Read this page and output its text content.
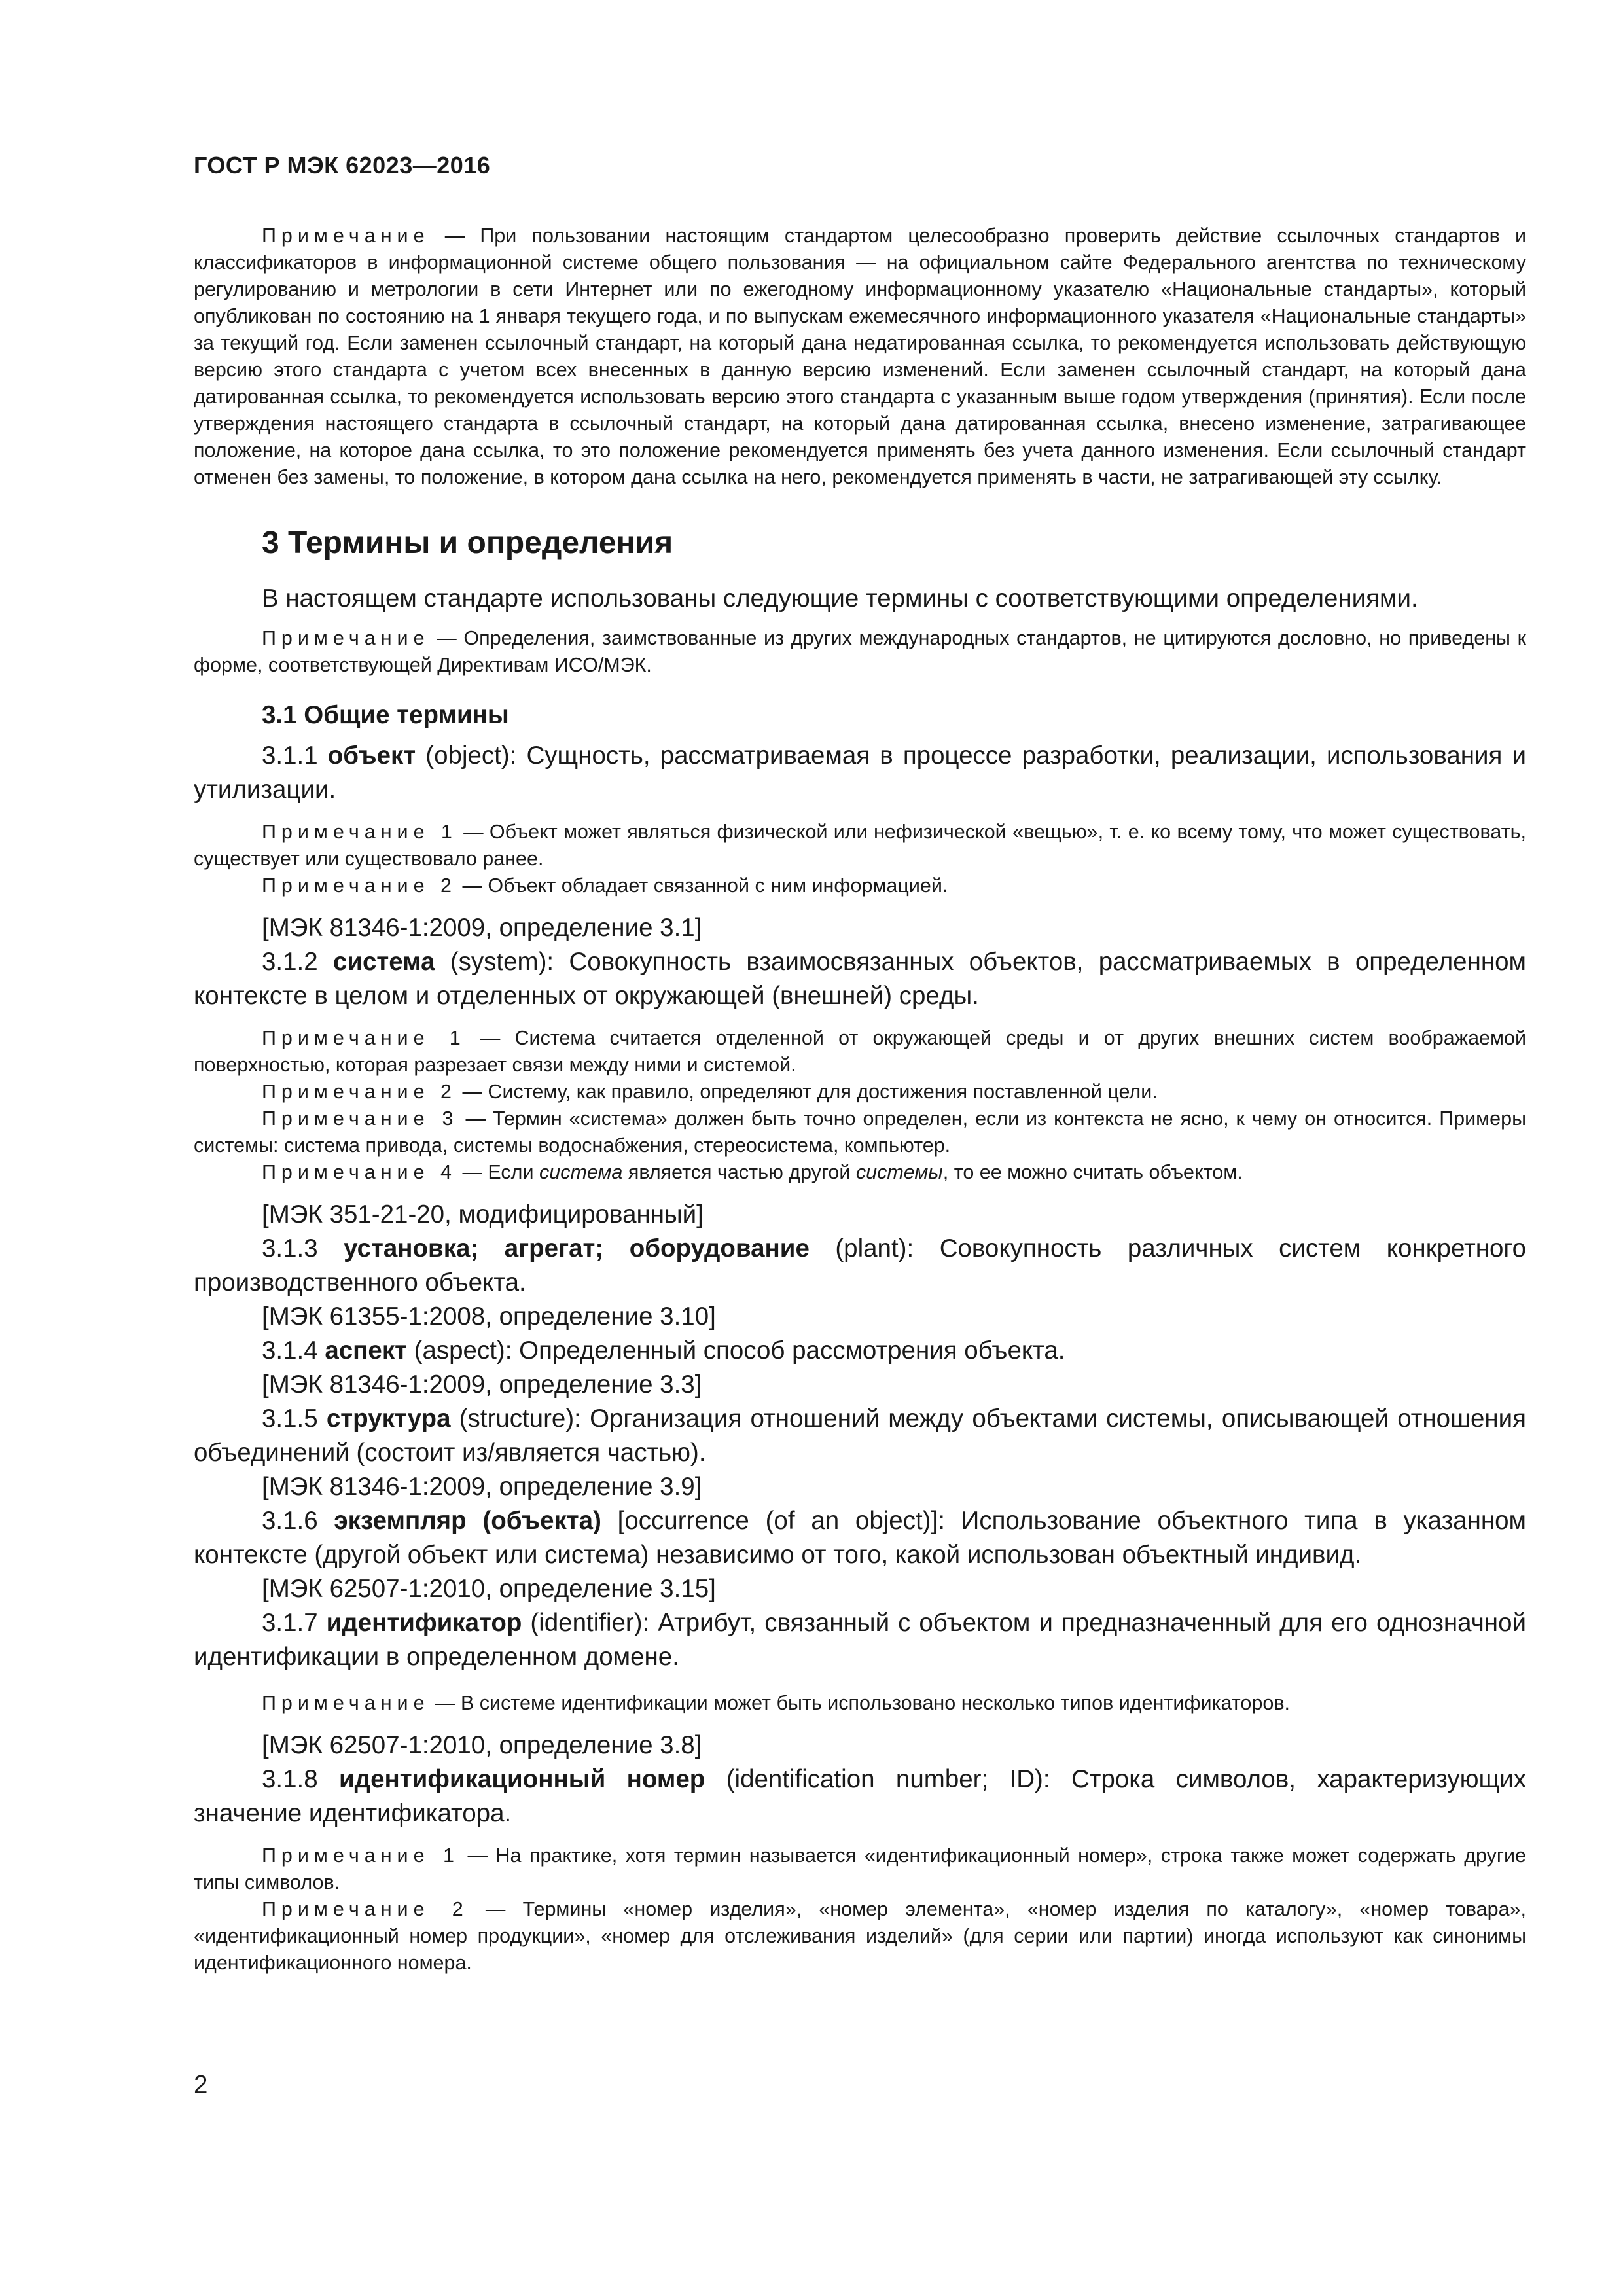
ГОСТ Р МЭК 62023—2016

Примечание — При пользовании настоящим стандартом целесообразно проверить действие ссылочных стандартов и классификаторов в информационной системе общего пользования — на официальном сайте Федерального агентства по техническому регулированию и метрологии в сети Интернет или по ежегодному информационному указателю «Национальные стандарты», который опубликован по состоянию на 1 января текущего года, и по выпускам ежемесячного информационного указателя «Национальные стандарты» за текущий год. Если заменен ссылочный стандарт, на который дана недатированная ссылка, то рекомендуется использовать действующую версию этого стандарта с учетом всех внесенных в данную версию изменений. Если заменен ссылочный стандарт, на который дана датированная ссылка, то рекомендуется использовать версию этого стандарта с указанным выше годом утверждения (принятия). Если после утверждения настоящего стандарта в ссылочный стандарт, на который дана датированная ссылка, внесено изменение, затрагивающее положение, на которое дана ссылка, то это положение рекомендуется применять без учета данного изменения. Если ссылочный стандарт отменен без замены, то положение, в котором дана ссылка на него, рекомендуется применять в части, не затрагивающей эту ссылку.

3 Термины и определения

В настоящем стандарте использованы следующие термины с соответствующими определениями.

Примечание — Определения, заимствованные из других международных стандартов, не цитируются дословно, но приведены к форме, соответствующей Директивам ИСО/МЭК.

3.1 Общие термины

3.1.1 объект (object): Сущность, рассматриваемая в процессе разработки, реализации, использования и утилизации.

Примечание 1 — Объект может являться физической или нефизической «вещью», т. е. ко всему тому, что может существовать, существует или существовало ранее.

Примечание 2 — Объект обладает связанной с ним информацией.

[МЭК 81346-1:2009, определение 3.1]

3.1.2 система (system): Совокупность взаимосвязанных объектов, рассматриваемых в определенном контексте в целом и отделенных от окружающей (внешней) среды.

Примечание 1 — Система считается отделенной от окружающей среды и от других внешних систем воображаемой поверхностью, которая разрезает связи между ними и системой.

Примечание 2 — Систему, как правило, определяют для достижения поставленной цели.

Примечание 3 — Термин «система» должен быть точно определен, если из контекста не ясно, к чему он относится. Примеры системы: система привода, системы водоснабжения, стереосистема, компьютер.

Примечание 4 — Если система является частью другой системы, то ее можно считать объектом.

[МЭК 351-21-20, модифицированный]

3.1.3 установка; агрегат; оборудование (plant): Совокупность различных систем конкретного производственного объекта.

[МЭК 61355-1:2008, определение 3.10]

3.1.4 аспект (aspect): Определенный способ рассмотрения объекта.

[МЭК 81346-1:2009, определение 3.3]

3.1.5 структура (structure): Организация отношений между объектами системы, описывающей отношения объединений (состоит из/является частью).

[МЭК 81346-1:2009, определение 3.9]

3.1.6 экземпляр (объекта) [occurrence (of an object)]: Использование объектного типа в указанном контексте (другой объект или система) независимо от того, какой использован объектный индивид.

[МЭК 62507-1:2010, определение 3.15]

3.1.7 идентификатор (identifier): Атрибут, связанный с объектом и предназначенный для его однозначной идентификации в определенном домене.

Примечание — В системе идентификации может быть использовано несколько типов идентификаторов.

[МЭК 62507-1:2010, определение 3.8]

3.1.8 идентификационный номер (identification number; ID): Строка символов, характеризующих значение идентификатора.

Примечание 1 — На практике, хотя термин называется «идентификационный номер», строка также может содержать другие типы символов.

Примечание 2 — Термины «номер изделия», «номер элемента», «номер изделия по каталогу», «номер товара», «идентификационный номер продукции», «номер для отслеживания изделий» (для серии или партии) иногда используют как синонимы идентификационного номера.

2
